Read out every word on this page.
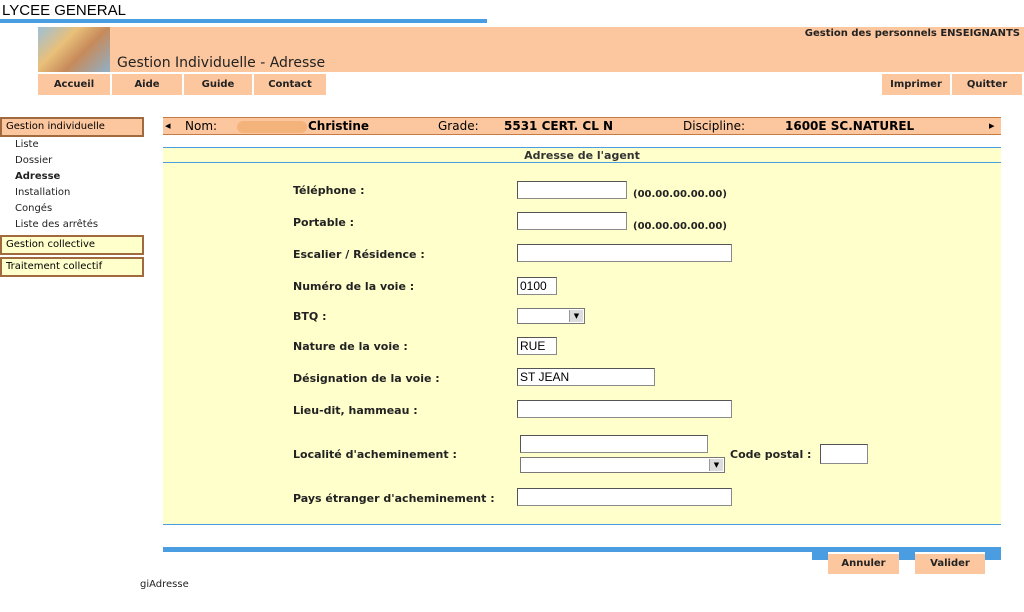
LYCEE GENERAL
Gestion Individuelle - Adresse
Gestion des personnels ENSEIGNANTS
Accueil	Aide	Guide	Contact	Imprimer	Quitter
Gestion individuelle
Liste
Dossier
Adresse
Installation
Congés
Liste des arrêtés
Gestion collective
Traitement collectif
◂ Nom:	Christine	Grade: 5531 CERT. CL N	Discipline:	1600E SC.NATUREL	▸
Adresse de l'agent
Téléphone :	(00.00.00.00.00)
Portable :	(00.00.00.00.00)
Escalier / Résidence :
Numéro de la voie :
0100
BTQ :	▼
Nature de la voie :
RUE
Désignation de la voie :
ST JEAN
Lieu-dit, hammeau :
Localité d'acheminement :
▼
Code postal :
Pays étranger d'acheminement :
Annuler	Valider
giAdresse
